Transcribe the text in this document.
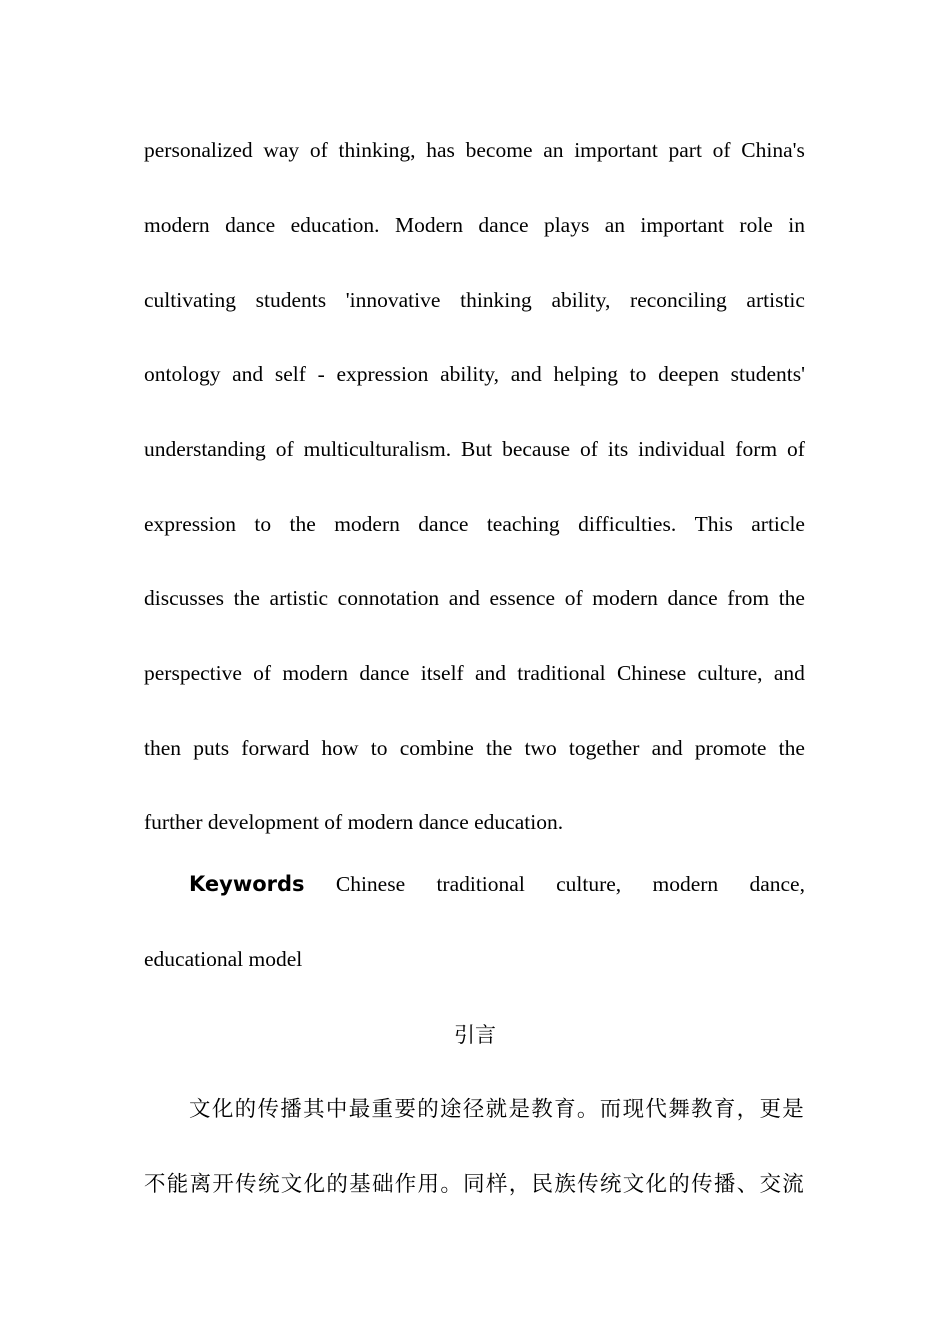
personalized way of thinking, has become an important part of China's
modern dance education. Modern dance plays an important role in
cultivating students 'innovative thinking ability, reconciling artistic
ontology and self - expression ability, and helping to deepen students'
understanding of multiculturalism. But because of its individual form of
expression to the modern dance teaching difficulties. This article
discusses the artistic connotation and essence of modern dance from the
perspective of modern dance itself and traditional Chinese culture, and
then puts forward how to combine the two together and promote the
further development of modern dance education.
Keywords Chinese traditional culture, modern dance,
educational model
引言
文化的传播其中最重要的途径就是教育。而现代舞教育，更是
不能离开传统文化的基础作用。同样，民族传统文化的传播、交流
